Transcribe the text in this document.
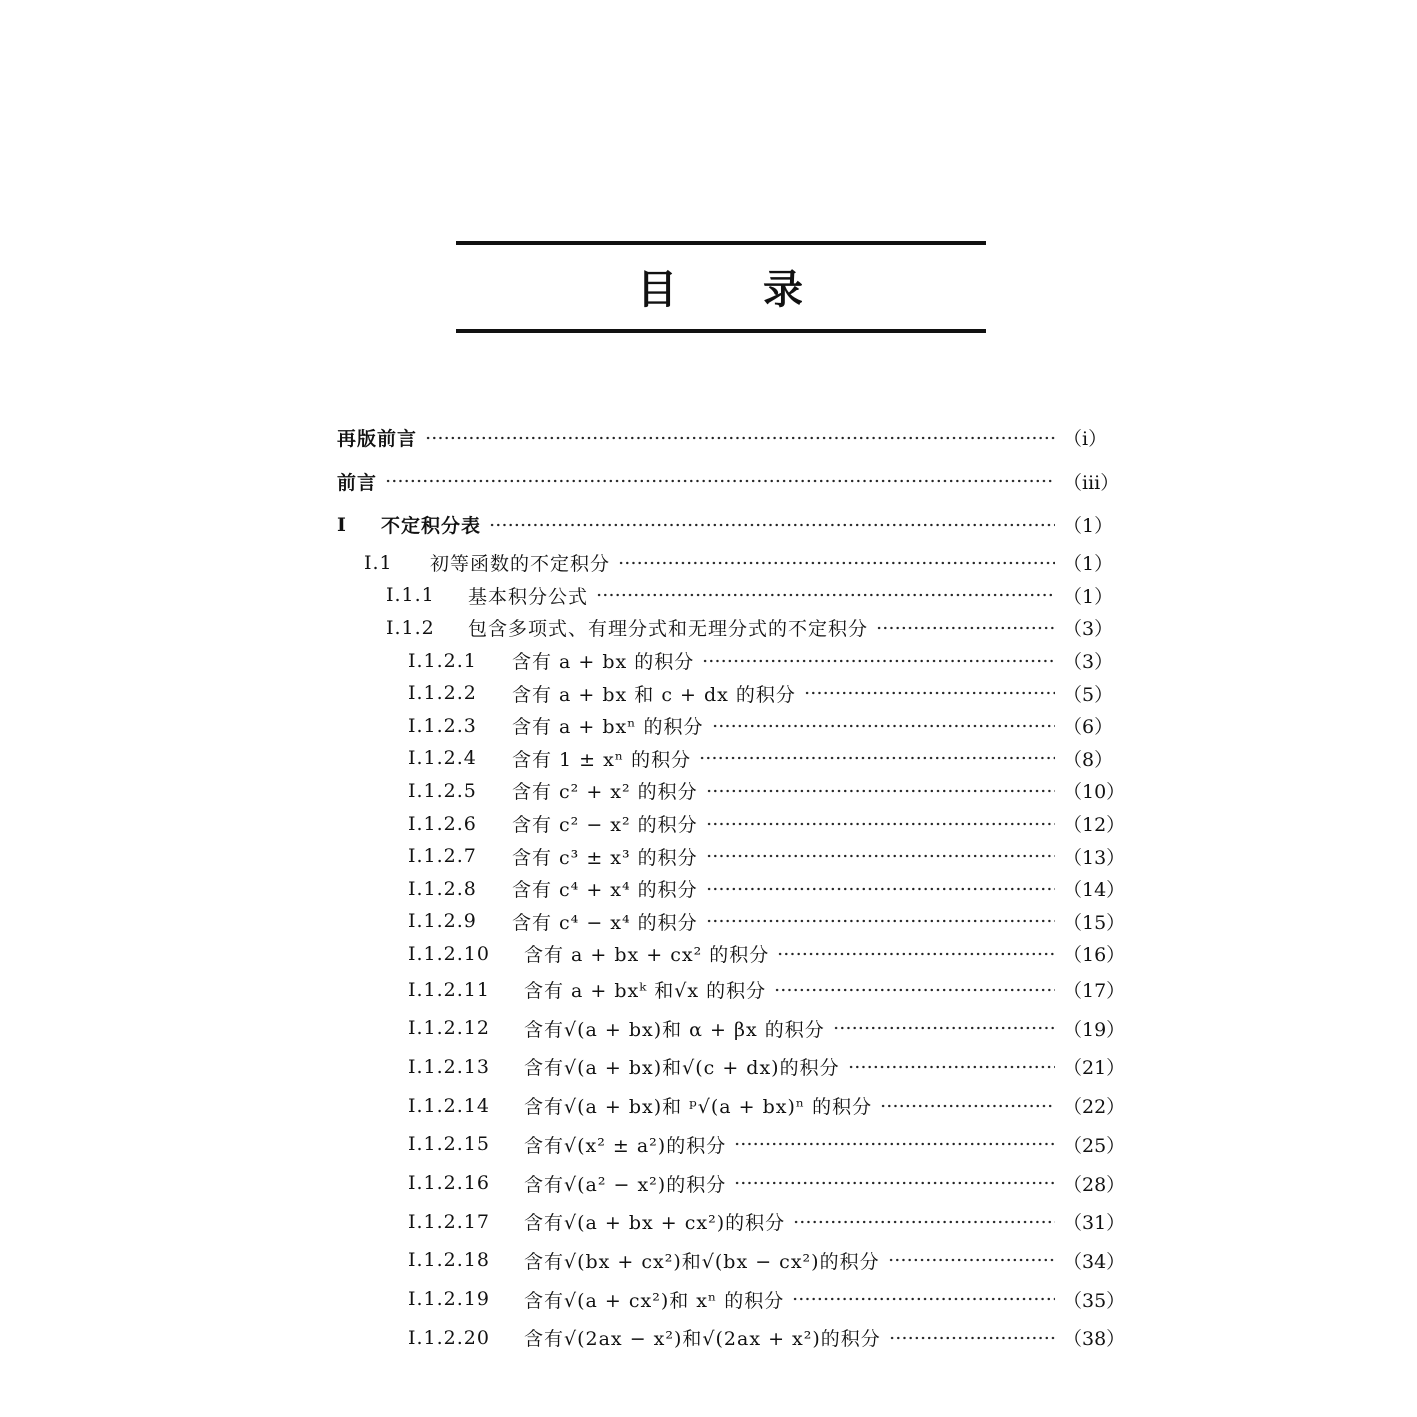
目 录
再版前言	（ⅰ）
前言	（ⅲ）
Ⅰ	不定积分表	（1）
Ⅰ.1	初等函数的不定积分	（1）
Ⅰ.1.1	基本积分公式	（1）
Ⅰ.1.2	包含多项式、有理分式和无理分式的不定积分	（3）
Ⅰ.1.2.1	含有 a + bx 的积分	（3）
Ⅰ.1.2.2	含有 a + bx 和 c + dx 的积分	（5）
Ⅰ.1.2.3	含有 a + bxⁿ 的积分	（6）
Ⅰ.1.2.4	含有 1 ± xⁿ 的积分	（8）
Ⅰ.1.2.5	含有 c² + x² 的积分	（10）
Ⅰ.1.2.6	含有 c² − x² 的积分	（12）
Ⅰ.1.2.7	含有 c³ ± x³ 的积分	（13）
Ⅰ.1.2.8	含有 c⁴ + x⁴ 的积分	（14）
Ⅰ.1.2.9	含有 c⁴ − x⁴ 的积分	（15）
Ⅰ.1.2.10	含有 a + bx + cx² 的积分	（16）
Ⅰ.1.2.11	含有 a + bxᵏ 和√x 的积分	（17）
Ⅰ.1.2.12	含有√(a + bx)和 α + βx 的积分	（19）
Ⅰ.1.2.13	含有√(a + bx)和√(c + dx)的积分	（21）
Ⅰ.1.2.14	含有√(a + bx)和 ᵖ√(a + bx)ⁿ 的积分	（22）
Ⅰ.1.2.15	含有√(x² ± a²)的积分	（25）
Ⅰ.1.2.16	含有√(a² − x²)的积分	（28）
Ⅰ.1.2.17	含有√(a + bx + cx²)的积分	（31）
Ⅰ.1.2.18	含有√(bx + cx²)和√(bx − cx²)的积分	（34）
Ⅰ.1.2.19	含有√(a + cx²)和 xⁿ 的积分	（35）
Ⅰ.1.2.20	含有√(2ax − x²)和√(2ax + x²)的积分	（38）
